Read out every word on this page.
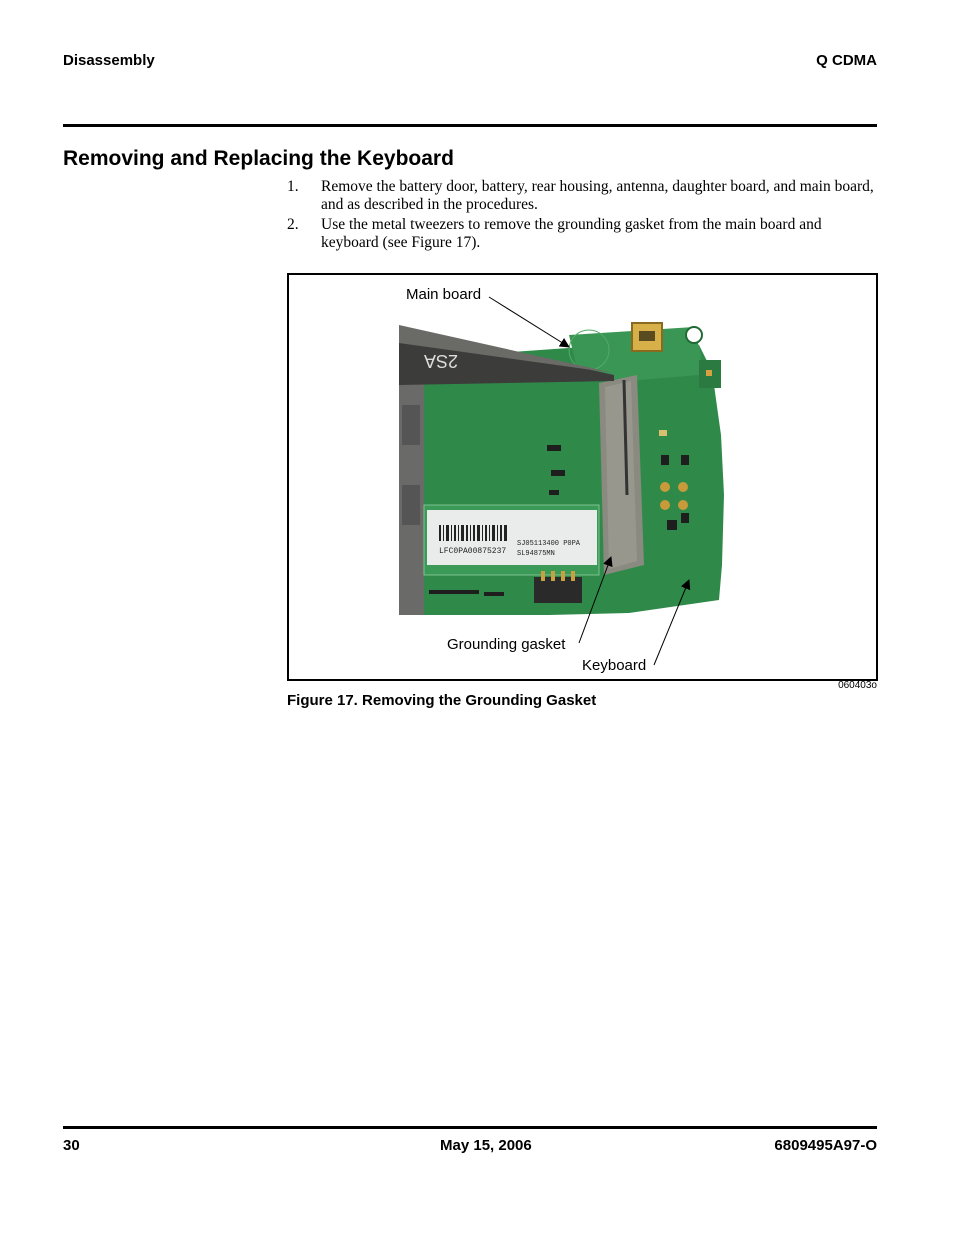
Disassembly	Q CDMA
Removing and Replacing the Keyboard
1. Remove the battery door, battery, rear housing, antenna, daughter board, and main board, and as described in the procedures.
2. Use the metal tweezers to remove the grounding gasket from the main board and keyboard (see Figure 17).
LFC0PA0087 5237
SJ05113400 P0PA
SL94875MN
2SA
Main board
Grounding gasket
Keyboard
060403o
Figure 17. Removing the Grounding Gasket
30	May 15, 2006	6809495A97-O
